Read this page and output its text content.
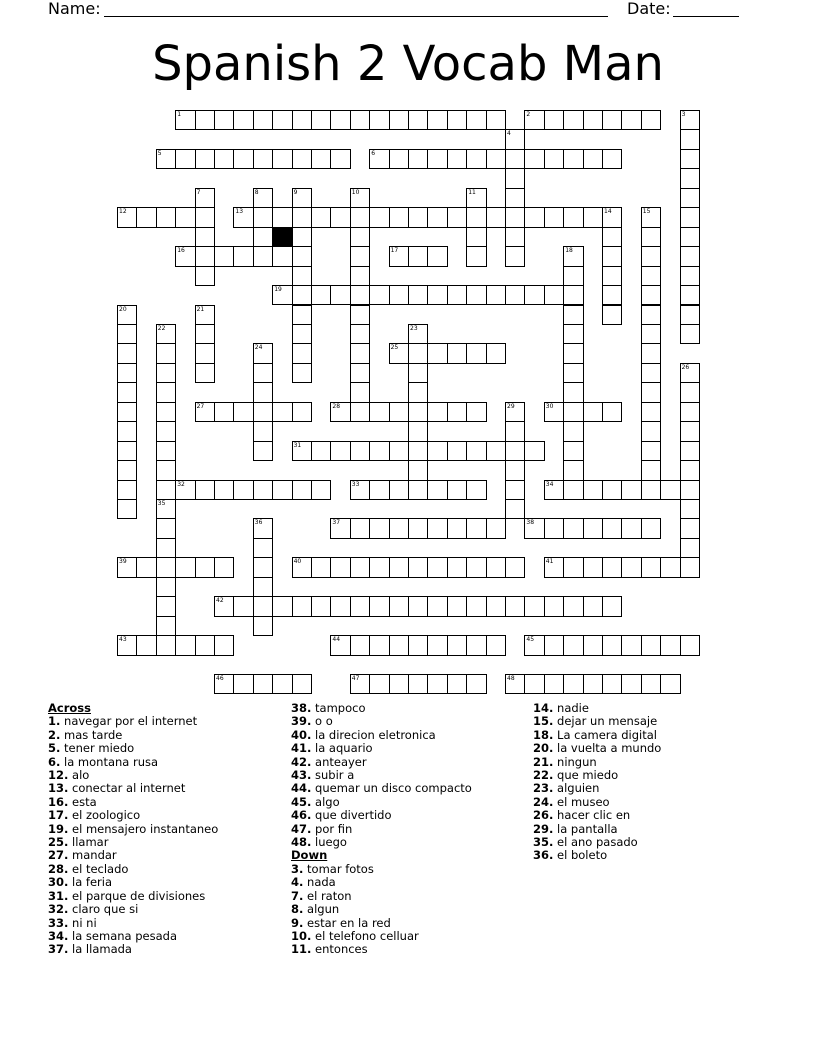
Name:	Date:
Spanish 2 Vocab Man
1	2	3
4
5	6
7	8	9	10	11
12	13	14	15
16	17	18
19
20	21
22	23
24	25
26
27	28	29	30
31
32	33	34
35
36	37	38
39	40	41
42
43	44	45
46	47	48
Across
1. navegar por el internet
2. mas tarde
5. tener miedo
6. la montana rusa
12. alo
13. conectar al internet
16. esta
17. el zoologico
19. el mensajero instantaneo
25. llamar
27. mandar
28. el teclado
30. la feria
31. el parque de divisiones
32. claro que si
33. ni ni
34. la semana pesada
37. la llamada
38. tampoco
39. o o
40. la direcion eletronica
41. la aquario
42. anteayer
43. subir a
44. quemar un disco compacto
45. algo
46. que divertido
47. por fin
48. luego
Down
3. tomar fotos
4. nada
7. el raton
8. algun
9. estar en la red
10. el telefono celluar
11. entonces
14. nadie
15. dejar un mensaje
18. La camera digital
20. la vuelta a mundo
21. ningun
22. que miedo
23. alguien
24. el museo
26. hacer clic en
29. la pantalla
35. el ano pasado
36. el boleto
